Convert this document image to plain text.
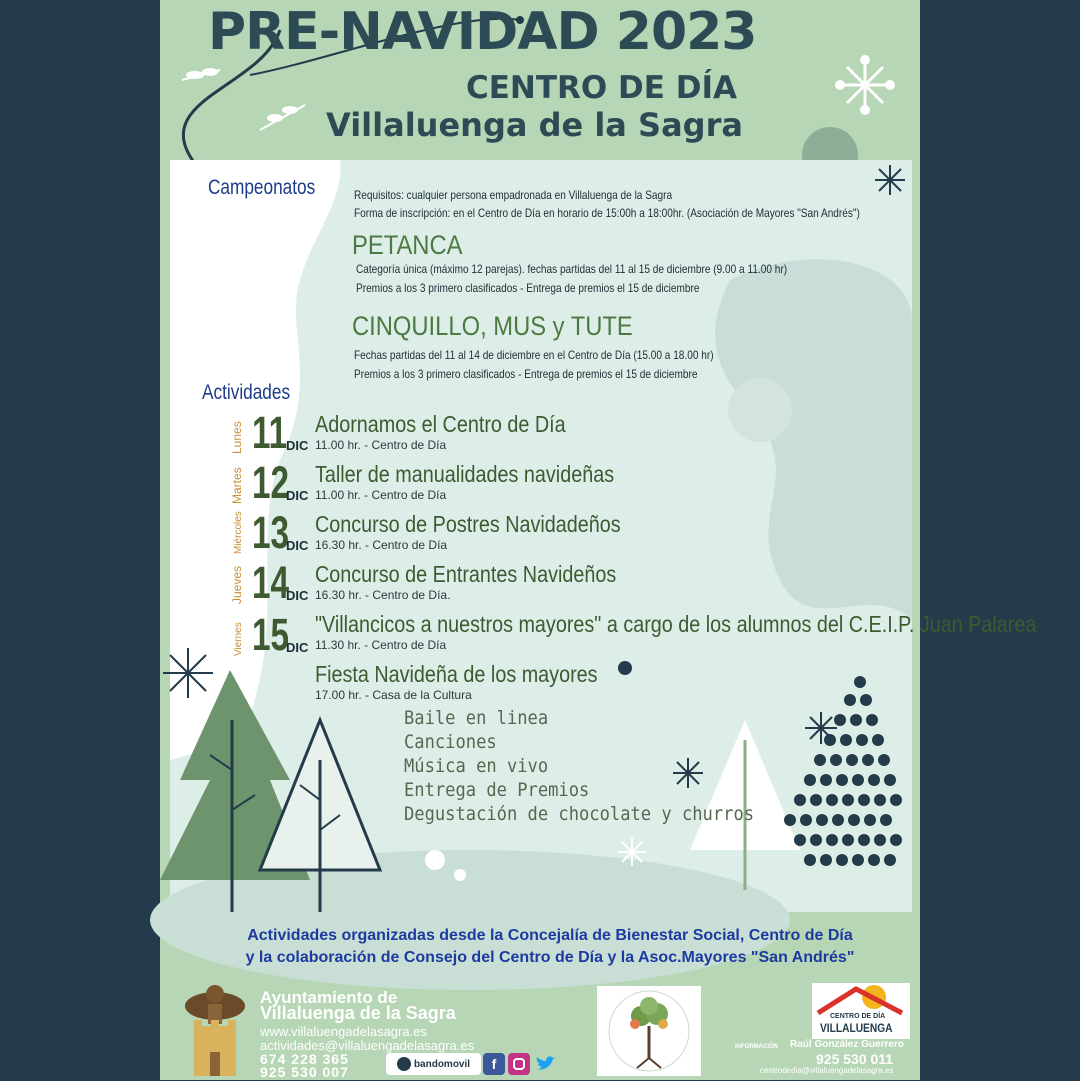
PRE-NAVIDAD 2023
CENTRO DE DÍA
Villaluenga de la Sagra
Campeonatos	Requisitos: cualquier persona empadronada en Villaluenga de la Sagra
Forma de inscripción: en el Centro de Día en horario de 15:00h a 18:00hr. (Asociación de Mayores "San Andrés")
PETANCA
Categoría única (máximo 12 parejas). fechas partidas del 11 al 15 de diciembre (9.00 a 11.00 hr)
Premios a los 3 primero clasificados - Entrega de premios el 15 de diciembre
CINQUILLO, MUS y TUTE
Fechas partidas del 11 al 14 de diciembre en el Centro de Día (15.00 a 18.00 hr)
Premios a los 3 primero clasificados - Entrega de premios el 15 de diciembre
Actividades
Lunes 11
DIC
Adornamos el Centro de Día
11.00 hr. - Centro de Día
Martes 12
DIC
Taller de manualidades navideñas
11.00 hr. - Centro de Día
Miércoles 13
DIC
Concurso de Postres Navidadeños
16.30 hr. - Centro de Día
Jueves 14
DIC
Concurso de Entrantes Navideños
16.30 hr. - Centro de Día.
Viernes 15
DIC
"Villancicos a nuestros mayores" a cargo de los alumnos del C.E.I.P. Juan Palarea
11.30 hr. - Centro de Día
Fiesta Navideña de los mayores
17.00 hr. - Casa de la Cultura
Baile en linea
Canciones
Música en vivo
Entrega de Premios
Degustación de chocolate y churros
Actividades organizadas desde la Concejalía de Bienestar Social, Centro de Día
y la colaboración de Consejo del Centro de Día y la Asoc.Mayores "San Andrés"
Ayuntamiento de
Villaluenga de la Sagra
www.villaluengadelasagra.es
actividades@villaluengadelasagra.es
674 228 365
925 530 007	bandomovil	f
CENTRO DE DÍA
VILLALUENGA
INFORMACIÓN Raúl González Guerrero
925 530 011
centrodedia@villaluengadelasagra.es
